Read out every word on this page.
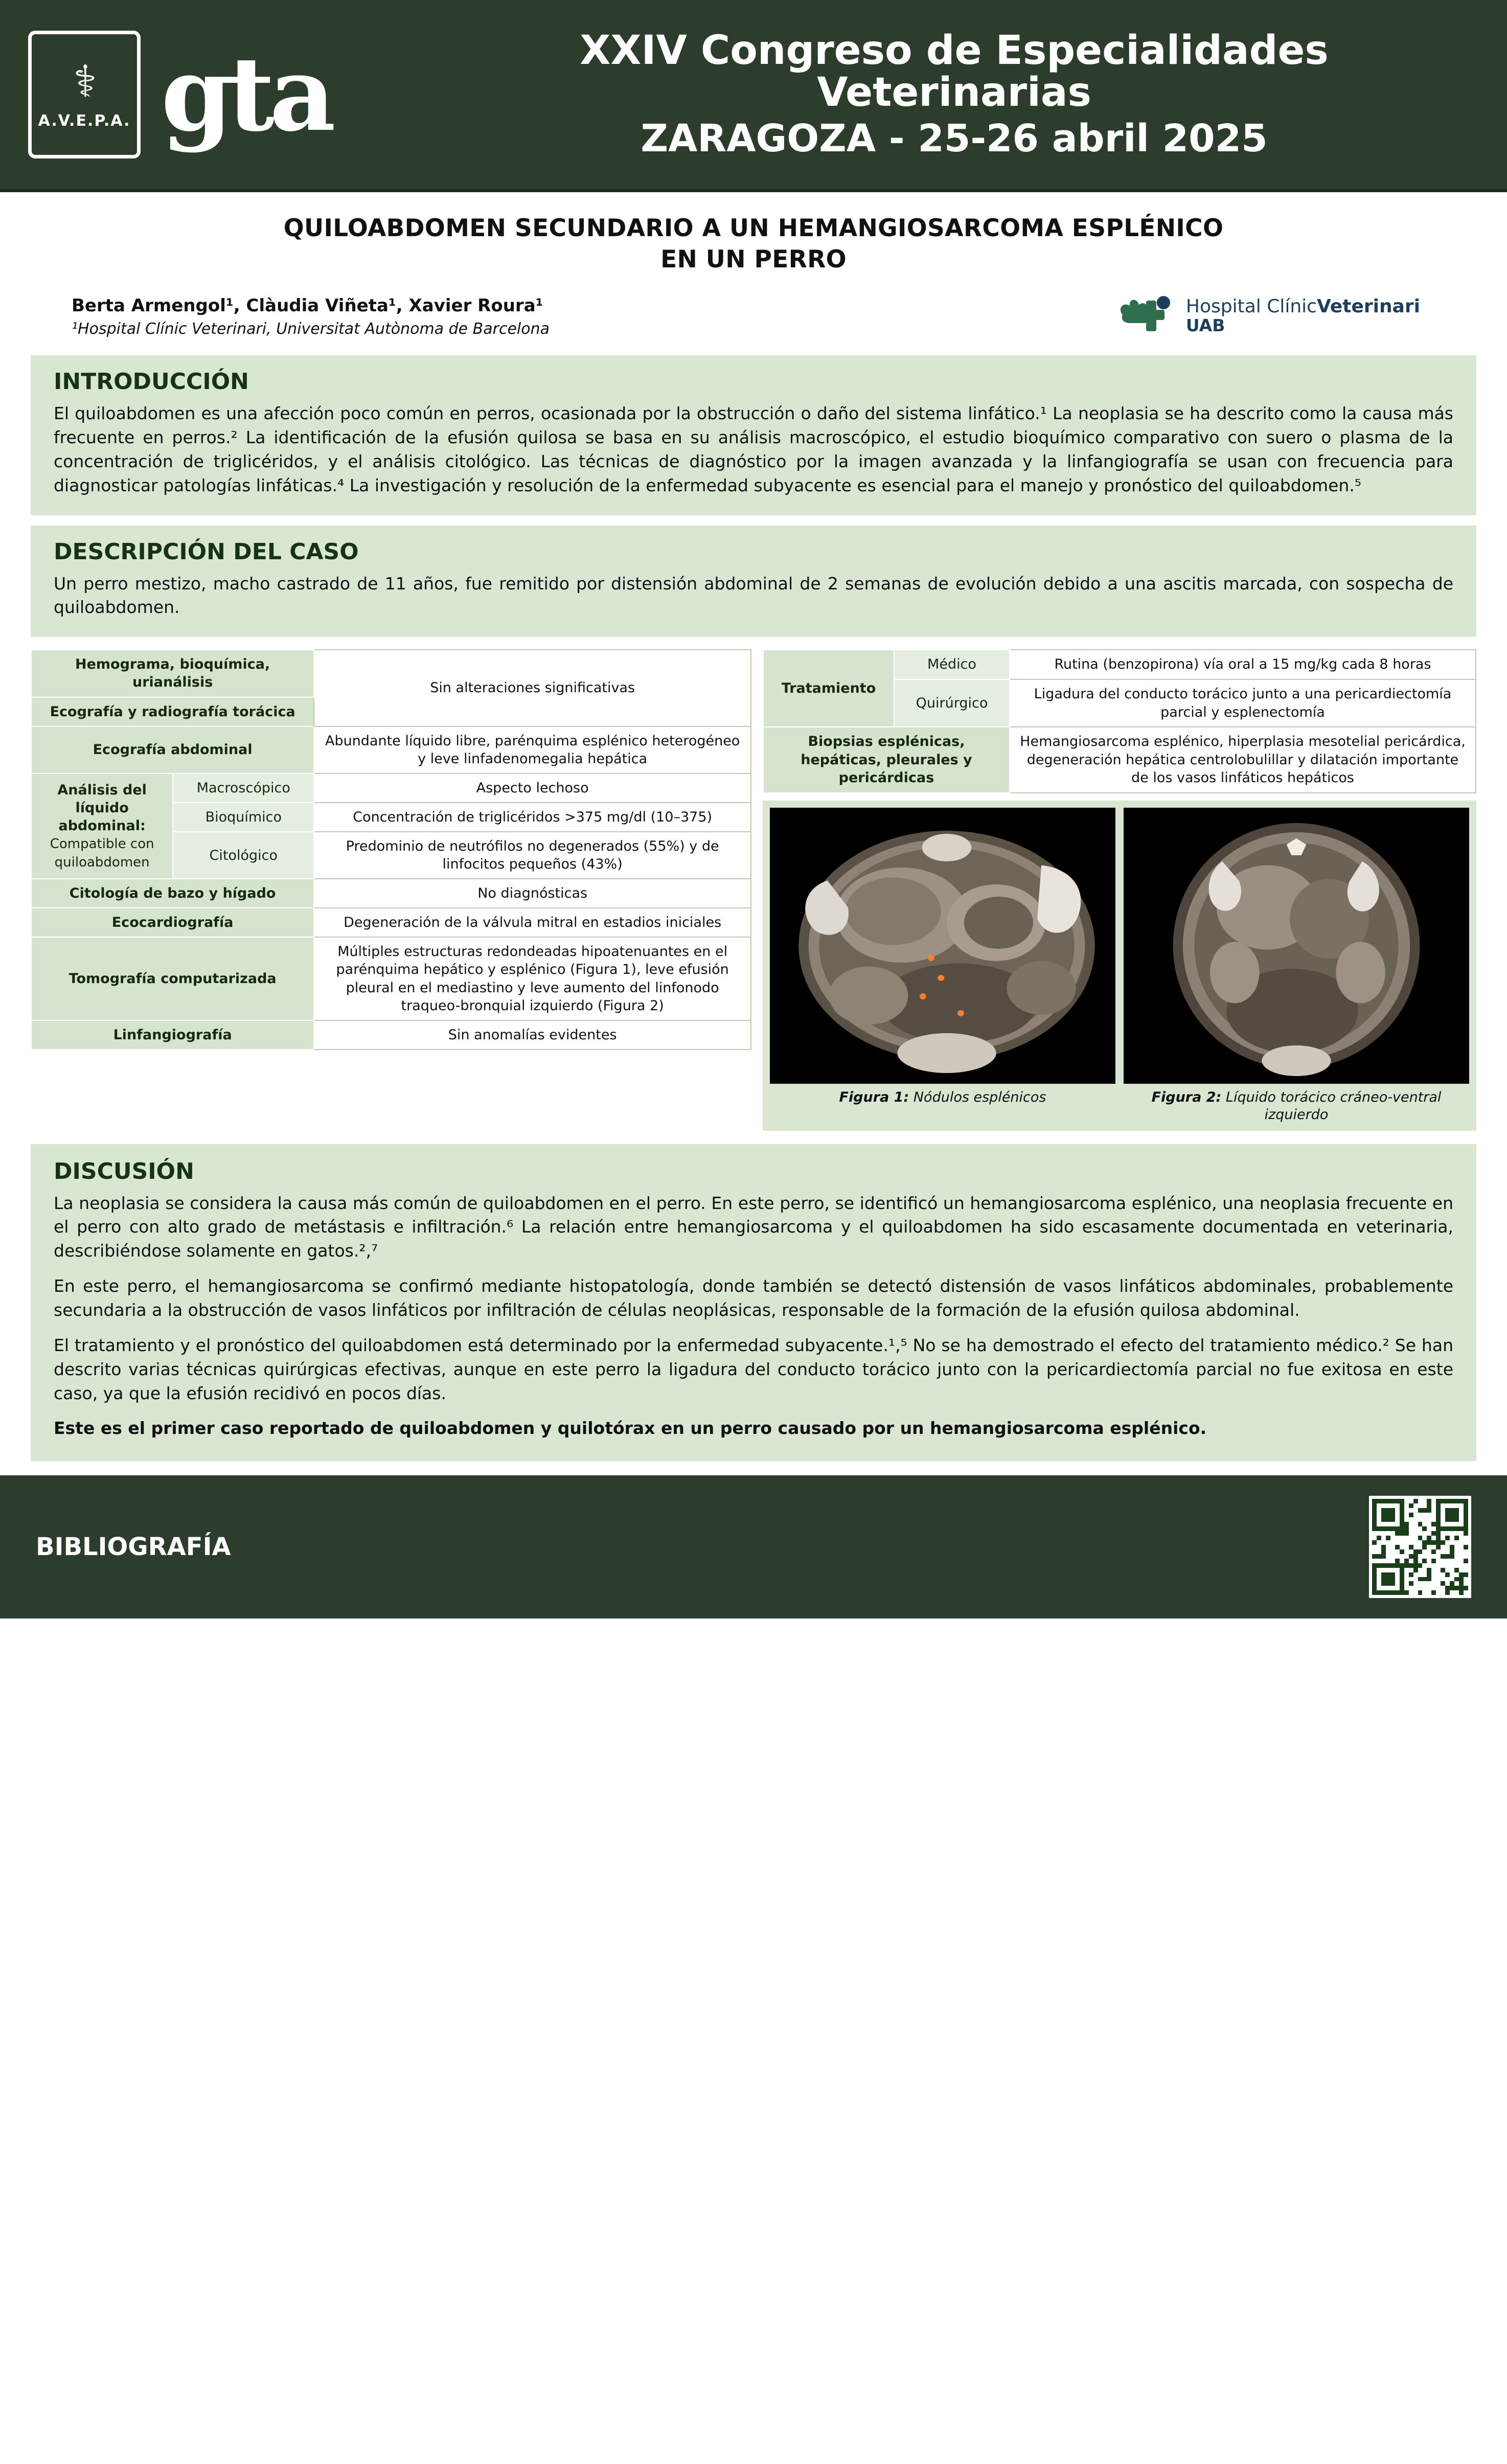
⚕
A.V.E.P.A. gta	XXIV Congreso de Especialidades Veterinarias
ZARAGOZA - 25-26 abril 2025
QUILOABDOMEN SECUNDARIO A UN HEMANGIOSARCOMA ESPLÉNICO
EN UN PERRO
Berta Armengol¹, Clàudia Viñeta¹, Xavier Roura¹
¹Hospital Clínic Veterinari, Universitat Autònoma de Barcelona
Hospital ClínicVeterinari
UAB
INTRODUCCIÓN
El quiloabdomen es una afección poco común en perros, ocasionada por la obstrucción o daño del sistema linfático.¹ La neoplasia se ha descrito como la causa más frecuente en perros.² La identificación de la efusión quilosa se basa en su análisis macroscópico, el estudio bioquímico comparativo con suero o plasma de la concentración de triglicéridos, y el análisis citológico. Las técnicas de diagnóstico por la imagen avanzada y la linfangiografía se usan con frecuencia para diagnosticar patologías linfáticas.⁴ La investigación y resolución de la enfermedad subyacente es esencial para el manejo y pronóstico del quiloabdomen.⁵
DESCRIPCIÓN DEL CASO
Un perro mestizo, macho castrado de 11 años, fue remitido por distensión abdominal de 2 semanas de evolución debido a una ascitis marcada, con sospecha de quiloabdomen.
Hemograma, bioquímica, urianálisis		Sin alteraciones significativas
Ecografía y radiografía torácica		
Ecografía abdominal		Abundante líquido libre, parénquima esplénico heterogéneo y leve linfadenomegalia hepática
Análisis del líquido abdominal:
Compatible con quiloabdomen	Macroscópico	Aspecto lechoso
	Bioquímico	Concentración de triglicéridos >375 mg/dl (10–375)
	Citológico	Predominio de neutrófilos no degenerados (55%) y de linfocitos pequeños (43%)
Citología de bazo y hígado		No diagnósticas
Ecocardiografía		Degeneración de la válvula mitral en estadios iniciales
Tomografía computarizada		Múltiples estructuras redondeadas hipoatenuantes en el parénquima hepático y esplénico (Figura 1), leve efusión pleural en el mediastino y leve aumento del linfonodo traqueo-bronquial izquierdo (Figura 2)
Linfangiografía		Sin anomalías evidentes
Tratamiento	Médico	Rutina (benzopirona) vía oral a 15 mg/kg cada 8 horas
	Quirúrgico	Ligadura del conducto torácico junto a una pericardiectomía parcial y esplenectomía
Biopsias esplénicas, hepáticas, pleurales y pericárdicas		Hemangiosarcoma esplénico, hiperplasia mesotelial pericárdica, degeneración hepática centrolobulillar y dilatación importante de los vasos linfáticos hepáticos
Figura 1: Nódulos esplénicos	Figura 2: Líquido torácico cráneo-ventral izquierdo
DISCUSIÓN

La neoplasia se considera la causa más común de quiloabdomen en el perro. En este perro, se identificó un hemangiosarcoma esplénico, una neoplasia frecuente en el perro con alto grado de metástasis e infiltración.⁶ La relación entre hemangiosarcoma y el quiloabdomen ha sido escasamente documentada en veterinaria, describiéndose solamente en gatos.²,⁷

En este perro, el hemangiosarcoma se confirmó mediante histopatología, donde también se detectó distensión de vasos linfáticos abdominales, probablemente secundaria a la obstrucción de vasos linfáticos por infiltración de células neoplásicas, responsable de la formación de la efusión quilosa abdominal.

El tratamiento y el pronóstico del quiloabdomen está determinado por la enfermedad subyacente.¹,⁵ No se ha demostrado el efecto del tratamiento médico.² Se han descrito varias técnicas quirúrgicas efectivas, aunque en este perro la ligadura del conducto torácico junto con la pericardiectomía parcial no fue exitosa en este caso, ya que la efusión recidivó en pocos días.

Este es el primer caso reportado de quiloabdomen y quilotórax en un perro causado por un hemangiosarcoma esplénico.

BIBLIOGRAFÍA
